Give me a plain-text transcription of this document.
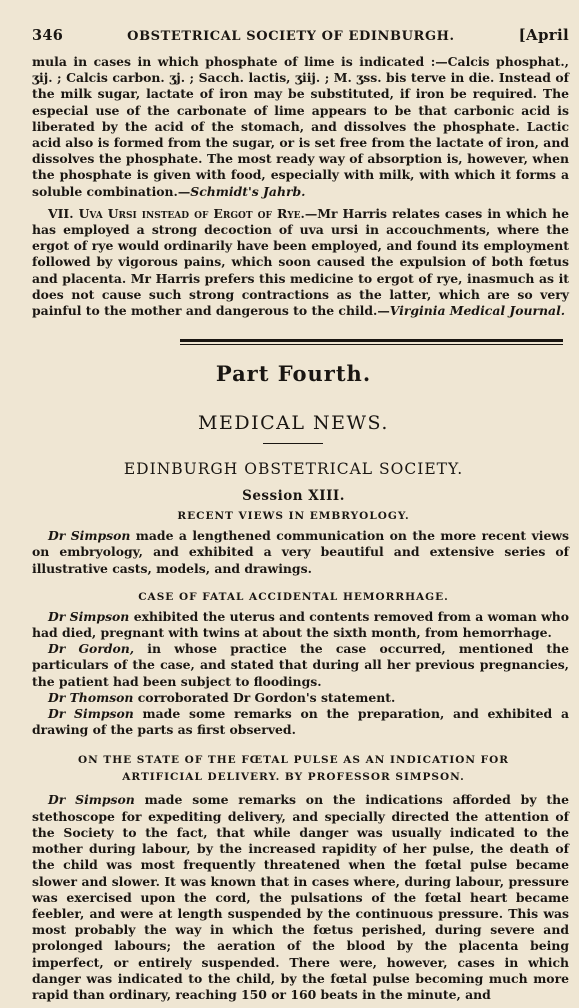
346	OBSTETRICAL SOCIETY OF EDINBURGH.	[April

mula in cases in which phosphate of lime is indicated :—Calcis phosphat., ʒij. ; Calcis carbon. ʒj. ; Sacch. lactis, ʒiij. ; M. ʒss. bis terve in die. Instead of the milk sugar, lactate of iron may be substituted, if iron be required. The especial use of the carbonate of lime appears to be that carbonic acid is liberated by the acid of the stomach, and dissolves the phosphate. Lactic acid also is formed from the sugar, or is set free from the lactate of iron, and dissolves the phosphate. The most ready way of absorption is, however, when the phosphate is given with food, especially with milk, with which it forms a soluble combination.—Schmidt's Jahrb.

VII. Uva Ursi instead of Ergot of Rye.—Mr Harris relates cases in which he has employed a strong decoction of uva ursi in accouchments, where the ergot of rye would ordinarily have been employed, and found its employment followed by vigorous pains, which soon caused the expulsion of both fœtus and placenta. Mr Harris prefers this medicine to ergot of rye, inasmuch as it does not cause such strong contractions as the latter, which are so very painful to the mother and dangerous to the child.—Virginia Medical Journal.

Part Fourth.
MEDICAL NEWS.
EDINBURGH OBSTETRICAL SOCIETY.
Session XIII.
RECENT VIEWS IN EMBRYOLOGY.

Dr Simpson made a lengthened communication on the more recent views on embryology, and exhibited a very beautiful and extensive series of illustrative casts, models, and drawings.

CASE OF FATAL ACCIDENTAL HEMORRHAGE.

Dr Simpson exhibited the uterus and contents removed from a woman who had died, pregnant with twins at about the sixth month, from hemorrhage.

Dr Gordon, in whose practice the case occurred, mentioned the particulars of the case, and stated that during all her previous pregnancies, the patient had been subject to floodings.

Dr Thomson corroborated Dr Gordon's statement.

Dr Simpson made some remarks on the preparation, and exhibited a drawing of the parts as first observed.

ON THE STATE OF THE FŒTAL PULSE AS AN INDICATION FOR ARTIFICIAL DELIVERY. BY PROFESSOR SIMPSON.

Dr Simpson made some remarks on the indications afforded by the stethoscope for expediting delivery, and specially directed the attention of the Society to the fact, that while danger was usually indicated to the mother during labour, by the increased rapidity of her pulse, the death of the child was most frequently threatened when the fœtal pulse became slower and slower. It was known that in cases where, during labour, pressure was exercised upon the cord, the pulsations of the fœtal heart became feebler, and were at length suspended by the continuous pressure. This was most probably the way in which the fœtus perished, during severe and prolonged labours; the aeration of the blood by the placenta being imperfect, or entirely suspended. There were, however, cases in which danger was indicated to the child, by the fœtal pulse becoming much more rapid than ordinary, reaching 150 or 160 beats in the minute, and
